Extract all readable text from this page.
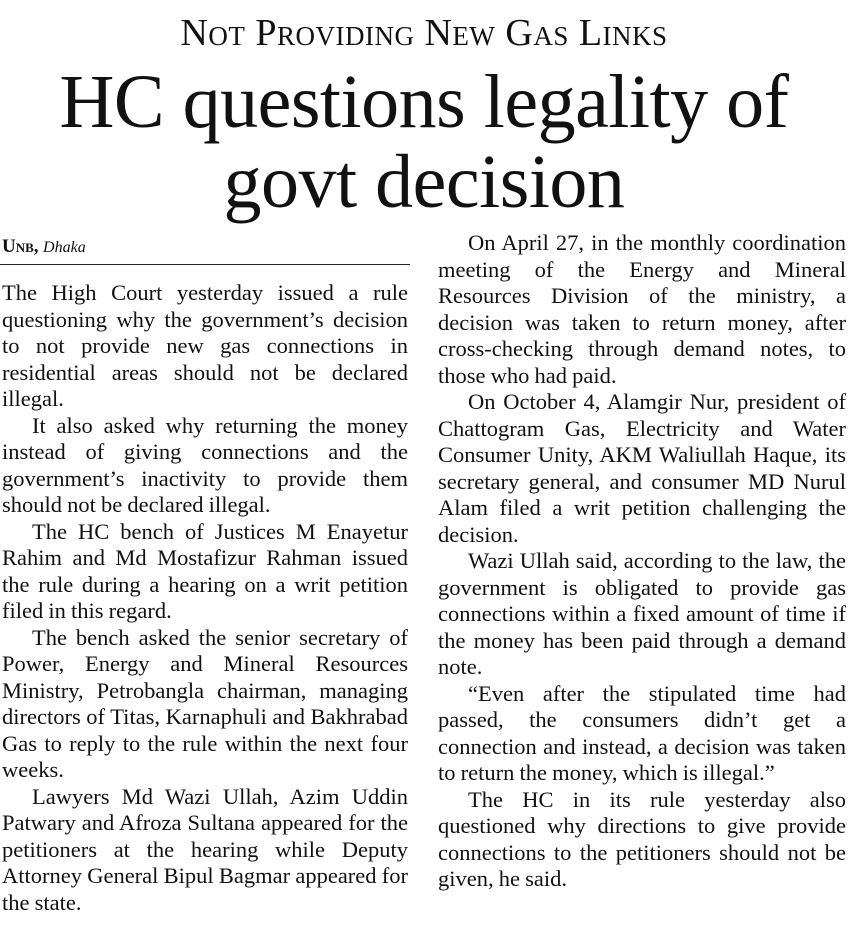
Not Providing New Gas Links
HC questions legality of govt decision
Unb, Dhaka

The High Court yesterday issued a rule questioning why the government’s decision to not provide new gas connections in residential areas should not be declared illegal.

It also asked why returning the money instead of giving connections and the government’s inactivity to provide them should not be declared illegal.

The HC bench of Justices M Enayetur Rahim and Md Mostafizur Rahman issued the rule during a hearing on a writ petition filed in this regard.

The bench asked the senior secretary of Power, Energy and Mineral Resources Ministry, Petrobangla chairman, managing directors of Titas, Karnaphuli and Bakhrabad Gas to reply to the rule within the next four weeks.

Lawyers Md Wazi Ullah, Azim Uddin Patwary and Afroza Sultana appeared for the petitioners at the hearing while Deputy Attorney General Bipul Bagmar appeared for the state.

On April 27, in the monthly coordination meeting of the Energy and Mineral Resources Division of the ministry, a decision was taken to return money, after cross-checking through demand notes, to those who had paid.

On October 4, Alamgir Nur, president of Chattogram Gas, Electricity and Water Consumer Unity, AKM Waliullah Haque, its secretary general, and consumer MD Nurul Alam filed a writ petition challenging the decision.

Wazi Ullah said, according to the law, the government is obligated to provide gas connections within a fixed amount of time if the money has been paid through a demand note.

“Even after the stipulated time had passed, the consumers didn’t get a connection and instead, a decision was taken to return the money, which is illegal.”

The HC in its rule yesterday also questioned why directions to give provide connections to the petitioners should not be given, he said.
